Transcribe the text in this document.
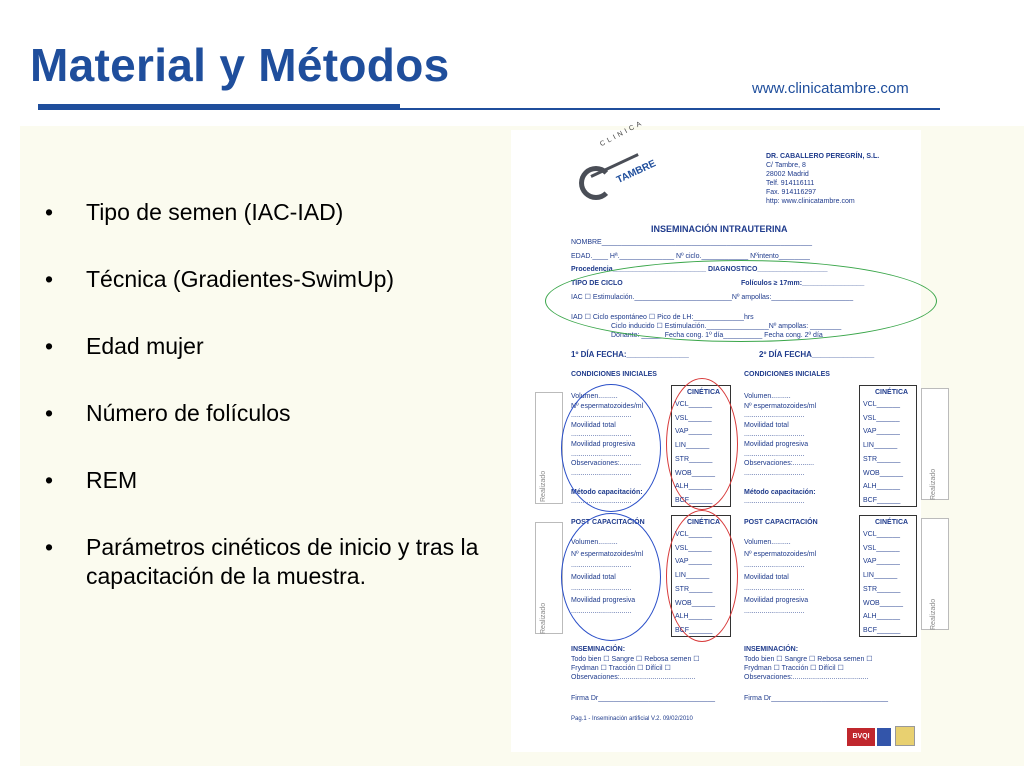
Material y Métodos	www.clinicatambre.com
• Tipo de semen (IAC-IAD)
• Técnica (Gradientes-SwimUp)
• Edad mujer
• Número de folículos
• REM
• Parámetros cinéticos de inicio y tras la capacitación de la muestra.
CLINICA
TAMBRE
DR. CABALLERO PEREGRÍN, S.L.
C/ Tambre, 8
28002 Madrid
Telf. 914116111
Fax. 914116297
http: www.clinicatambre.com
INSEMINACIÓN INTRAUTERINA
NOMBRE______________________________________________________
EDAD.____ Hª.______________ Nº ciclo.____________ Nºintento________
Procedencia________________________ DIAGNOSTICO__________________
TIPO DE CICLO	Folículos ≥ 17mm:________________
IAC ☐ Estimulación._________________________Nº ampollas:_____________________
IAD ☐ Ciclo espontáneo ☐ Pico de LH:_____________hrs
Ciclo inducido ☐ Estimulación.________________Nº ampollas: ________
Donante: ______Fecha cong. 1º día__________ Fecha cong. 2º día
1º DÍA FECHA:______________	2º DÍA FECHA______________
CONDICIONES INICIALES	CONDICIONES INICIALES
Método capacitación:
...............................
Método capacitación:
...............................
POST CAPACITACIÓN	POST CAPACITACIÓN
Realizado	Realizado
Realizado	Realizado
INSEMINACIÓN:
Todo bien ☐ Sangre ☐ Rebosa semen ☐
Frydman ☐ Tracción ☐ Difícil ☐
Observaciones:.......................................
INSEMINACIÓN:
Todo bien ☐ Sangre ☐ Rebosa semen ☐
Frydman ☐ Tracción ☐ Difícil ☐
Observaciones:.......................................
Firma Dr______________________________	Firma Dr______________________________
Pag.1 - Inseminación artificial V.2. 09/02/2010
BVQI
Volumen..........	Volumen..........
Nº espermatozoides/ml	Nº espermatozoides/ml
...............................	...............................
Movilidad total	Movilidad total
...............................	...............................
Movilidad progresiva	Movilidad progresiva
...............................	...............................
Observaciones:...........	Observaciones:...........
...............................	...............................
Volumen..........	Volumen..........
Nº espermatozoides/ml	Nº espermatozoides/ml
...............................	...............................
Movilidad total	Movilidad total
...............................	...............................
Movilidad progresiva	Movilidad progresiva
...............................	...............................
CINÉTICA
VCL______
VSL______
VAP______
LIN______
STR______
WOB______
ALH______
BCF______
CINÉTICA
VCL______
VSL______
VAP______
LIN______
STR______
WOB______
ALH______
BCF______
CINÉTICA
VCL______
VSL______
VAP______
LIN______
STR______
WOB______
ALH______
BCF______
CINÉTICA
VCL______
VSL______
VAP______
LIN______
STR______
WOB______
ALH______
BCF______
